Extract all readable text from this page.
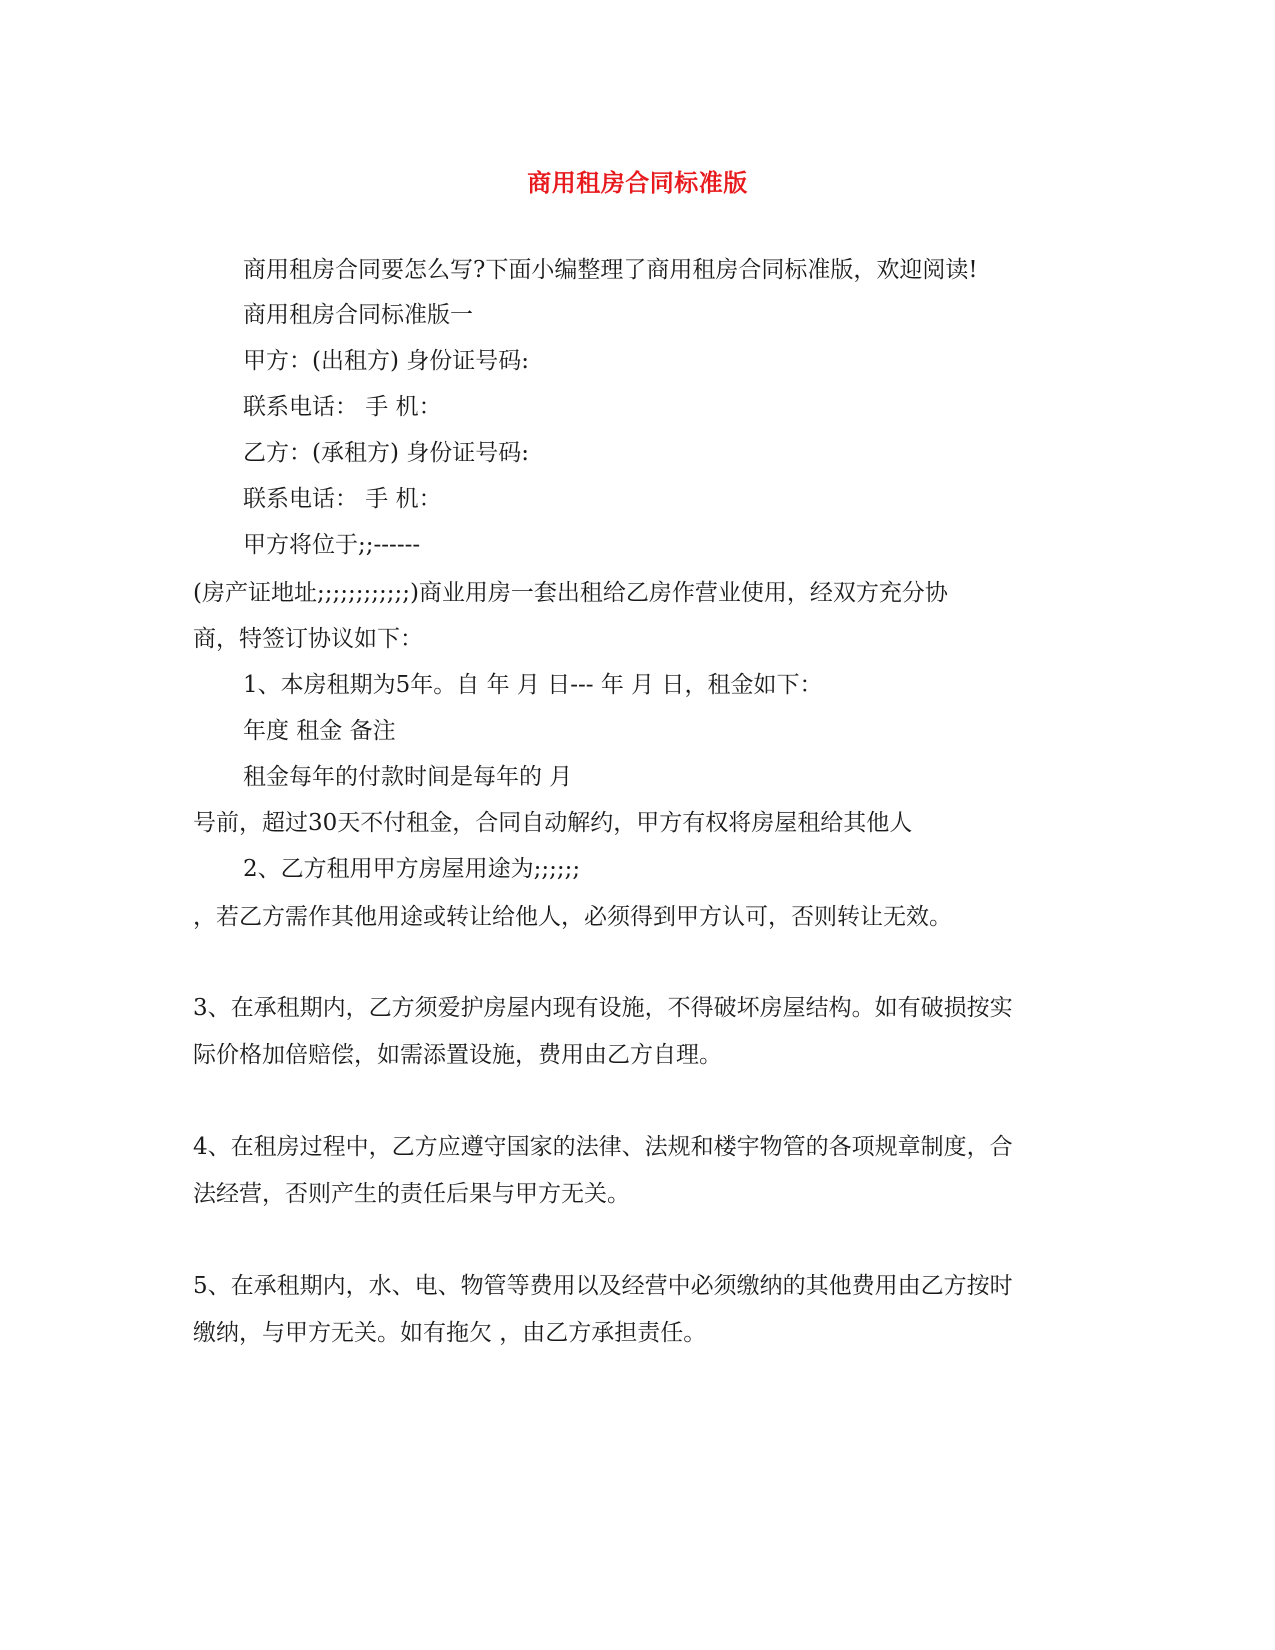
商用租房合同标准版
商用租房合同要怎么写?下面小编整理了商用租房合同标准版，欢迎阅读!
商用租房合同标准版一
甲方：(出租方) 身份证号码:
联系电话： 手 机：
乙方：(承租方) 身份证号码:
联系电话： 手 机：
甲方将位于;;------
(房产证地址;;;;;;;;;;;;)商业用房一套出租给乙房作营业使用，经双方充分协
商，特签订协议如下：
1、本房租期为5年。自 年 月 日--- 年 月 日，租金如下：
年度 租金 备注
租金每年的付款时间是每年的 月
号前，超过30天不付租金，合同自动解约，甲方有权将房屋租给其他人
2、乙方租用甲方房屋用途为;;;;;;
，若乙方需作其他用途或转让给他人，必须得到甲方认可，否则转让无效。
3、在承租期内，乙方须爱护房屋内现有设施，不得破坏房屋结构。如有破损按实
际价格加倍赔偿，如需添置设施，费用由乙方自理。
4、在租房过程中，乙方应遵守国家的法律、法规和楼宇物管的各项规章制度，合
法经营，否则产生的责任后果与甲方无关。
5、在承租期内，水、电、物管等费用以及经营中必须缴纳的其他费用由乙方按时
缴纳，与甲方无关。如有拖欠 ，由乙方承担责任。
